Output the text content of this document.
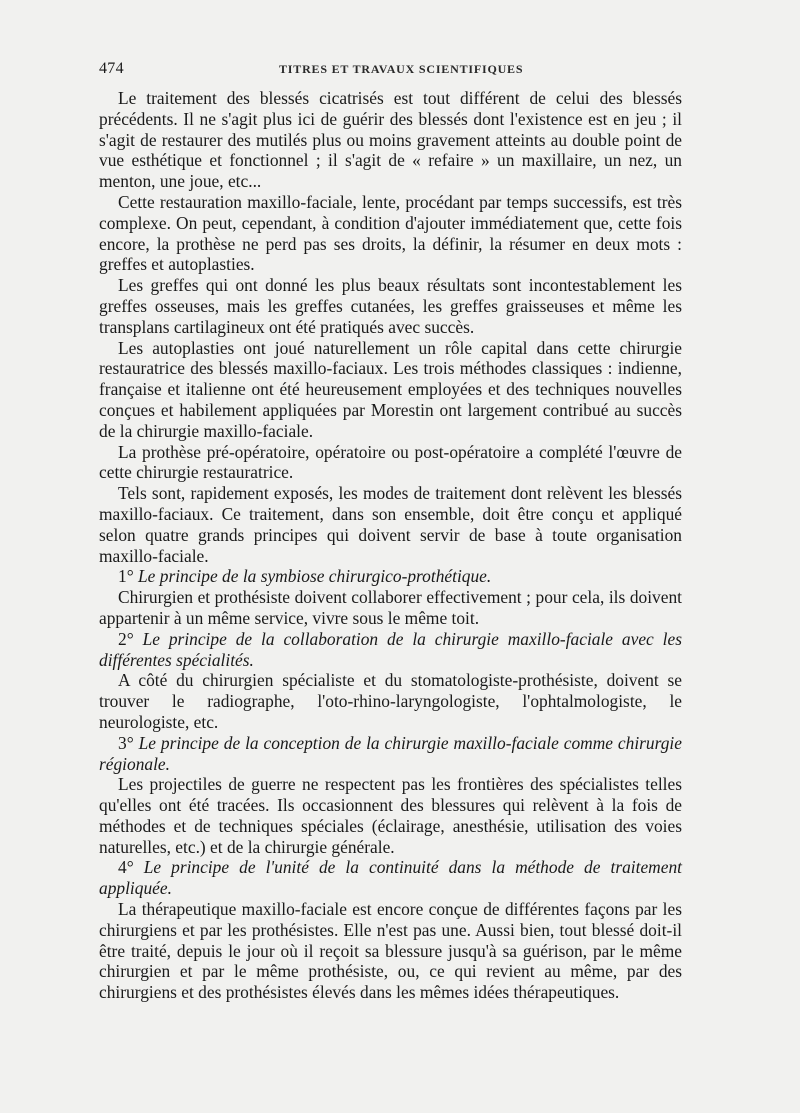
474	TITRES ET TRAVAUX SCIENTIFIQUES

Le traitement des blessés cicatrisés est tout différent de celui des blessés précédents. Il ne s'agit plus ici de guérir des blessés dont l'existence est en jeu ; il s'agit de restaurer des mutilés plus ou moins gravement atteints au double point de vue esthétique et fonctionnel ; il s'agit de « refaire » un maxillaire, un nez, un menton, une joue, etc...

Cette restauration maxillo-faciale, lente, procédant par temps successifs, est très complexe. On peut, cependant, à condition d'ajouter immédiatement que, cette fois encore, la prothèse ne perd pas ses droits, la définir, la résumer en deux mots : greffes et autoplasties.

Les greffes qui ont donné les plus beaux résultats sont incontestablement les greffes osseuses, mais les greffes cutanées, les greffes graisseuses et même les transplans cartilagineux ont été pratiqués avec succès.

Les autoplasties ont joué naturellement un rôle capital dans cette chirurgie restauratrice des blessés maxillo-faciaux. Les trois méthodes classiques : indienne, française et italienne ont été heureusement employées et des techniques nouvelles conçues et habilement appliquées par Morestin ont largement contribué au succès de la chirurgie maxillo-faciale.

La prothèse pré-opératoire, opératoire ou post-opératoire a complété l'œuvre de cette chirurgie restauratrice.

Tels sont, rapidement exposés, les modes de traitement dont relèvent les blessés maxillo-faciaux. Ce traitement, dans son ensemble, doit être conçu et appliqué selon quatre grands principes qui doivent servir de base à toute organisation maxillo-faciale.

1° Le principe de la symbiose chirurgico-prothétique.

Chirurgien et prothésiste doivent collaborer effectivement ; pour cela, ils doivent appartenir à un même service, vivre sous le même toit.

2° Le principe de la collaboration de la chirurgie maxillo-faciale avec les différentes spécialités.

A côté du chirurgien spécialiste et du stomatologiste-prothésiste, doivent se trouver le radiographe, l'oto-rhino-laryngologiste, l'ophtalmologiste, le neurologiste, etc.

3° Le principe de la conception de la chirurgie maxillo-faciale comme chirurgie régionale.

Les projectiles de guerre ne respectent pas les frontières des spécialistes telles qu'elles ont été tracées. Ils occasionnent des blessures qui relèvent à la fois de méthodes et de techniques spéciales (éclairage, anesthésie, utilisation des voies naturelles, etc.) et de la chirurgie générale.

4° Le principe de l'unité de la continuité dans la méthode de traitement appliquée.

La thérapeutique maxillo-faciale est encore conçue de différentes façons par les chirurgiens et par les prothésistes. Elle n'est pas une. Aussi bien, tout blessé doit-il être traité, depuis le jour où il reçoit sa blessure jusqu'à sa guérison, par le même chirurgien et par le même prothésiste, ou, ce qui revient au même, par des chirurgiens et des prothésistes élevés dans les mêmes idées thérapeutiques.
